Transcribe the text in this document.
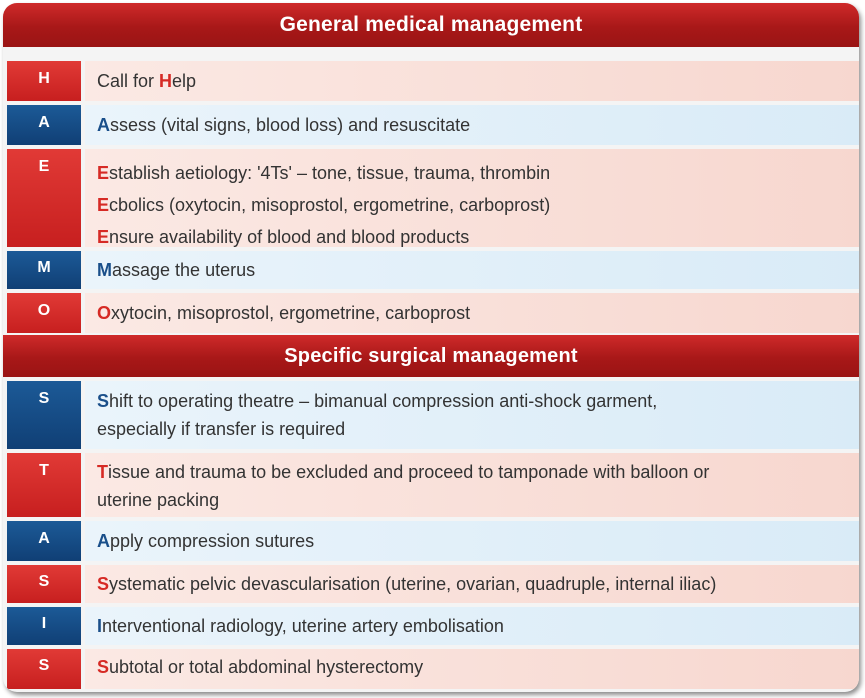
General medical management
H	Call for Help
A	Assess (vital signs, blood loss) and resuscitate
E	Establish aetiology: '4Ts' – tone, tissue, trauma, thrombin
Ecbolics (oxytocin, misoprostol, ergometrine, carboprost)
Ensure availability of blood and blood products
M	Massage the uterus
O	Oxytocin, misoprostol, ergometrine, carboprost
Specific surgical management
S	Shift to operating theatre – bimanual compression anti-shock garment,
especially if transfer is required
T	Tissue and trauma to be excluded and proceed to tamponade with balloon or
uterine packing
A	Apply compression sutures
S	Systematic pelvic devascularisation (uterine, ovarian, quadruple, internal iliac)
I	Interventional radiology, uterine artery embolisation
S	Subtotal or total abdominal hysterectomy
